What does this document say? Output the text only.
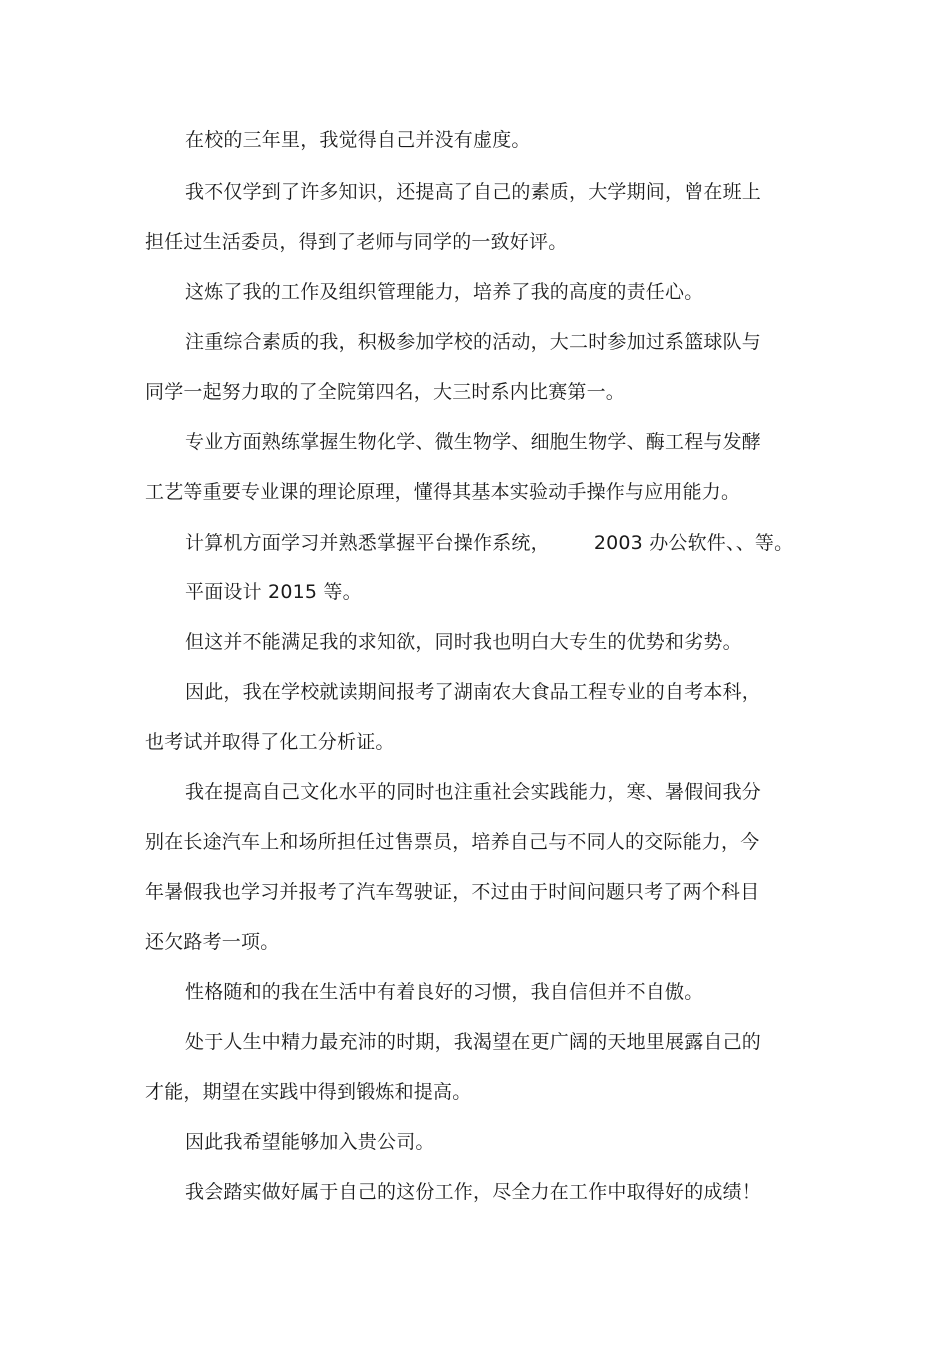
在校的三年里，我觉得自己并没有虚度。
我不仅学到了许多知识，还提高了自己的素质，大学期间，曾在班上
担任过生活委员，得到了老师与同学的一致好评。
这炼了我的工作及组织管理能力，培养了我的高度的责任心。
注重综合素质的我，积极参加学校的活动，大二时参加过系篮球队与
同学一起努力取的了全院第四名，大三时系内比赛第一。
专业方面熟练掌握生物化学、微生物学、细胞生物学、酶工程与发酵
工艺等重要专业课的理论原理，懂得其基本实验动手操作与应用能力。
计算机方面学习并熟悉掌握平台操作系统， 2003 办公软件、、等。
平面设计 2015 等。
但这并不能满足我的求知欲，同时我也明白大专生的优势和劣势。
因此，我在学校就读期间报考了湖南农大食品工程专业的自考本科，
也考试并取得了化工分析证。
我在提高自己文化水平的同时也注重社会实践能力，寒、暑假间我分
别在长途汽车上和场所担任过售票员，培养自己与不同人的交际能力，今
年暑假我也学习并报考了汽车驾驶证，不过由于时间问题只考了两个科目
还欠路考一项。
性格随和的我在生活中有着良好的习惯，我自信但并不自傲。
处于人生中精力最充沛的时期，我渴望在更广阔的天地里展露自己的
才能，期望在实践中得到锻炼和提高。
因此我希望能够加入贵公司。
我会踏实做好属于自己的这份工作，尽全力在工作中取得好的成绩！
